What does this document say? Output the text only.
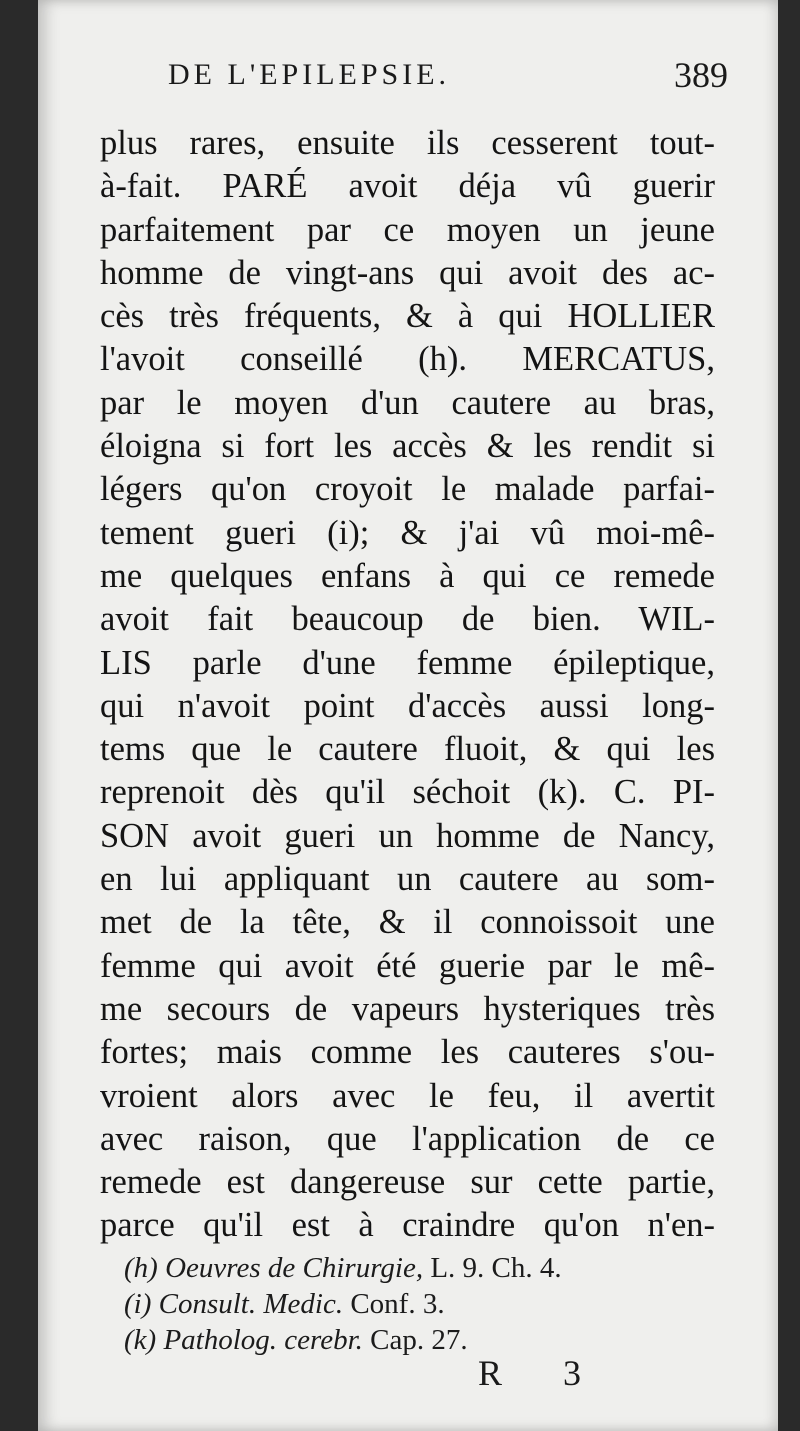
DE L'EPILEPSIE.	389
plus rares, ensuite ils cesserent tout-
à-fait. PARÉ avoit déja vû guerir
parfaitement par ce moyen un jeune
homme de vingt-ans qui avoit des ac-
cès très fréquents, & à qui HOLLIER
l'avoit conseillé (h). MERCATUS,
par le moyen d'un cautere au bras,
éloigna si fort les accès & les rendit si
légers qu'on croyoit le malade parfai-
tement gueri (i); & j'ai vû moi-mê-
me quelques enfans à qui ce remede
avoit fait beaucoup de bien. WIL-
LIS parle d'une femme épileptique,
qui n'avoit point d'accès aussi long-
tems que le cautere fluoit, & qui les
reprenoit dès qu'il séchoit (k). C. PI-
SON avoit gueri un homme de Nancy,
en lui appliquant un cautere au som-
met de la tête, & il connoissoit une
femme qui avoit été guerie par le mê-
me secours de vapeurs hysteriques très
fortes; mais comme les cauteres s'ou-
vroient alors avec le feu, il avertit
avec raison, que l'application de ce
remede est dangereuse sur cette partie,
parce qu'il est à craindre qu'on n'en-
(h) Oeuvres de Chirurgie, L. 9. Ch. 4.
(i) Consult. Medic. Conf. 3.
(k) Patholog. cerebr. Cap. 27.
R 3
